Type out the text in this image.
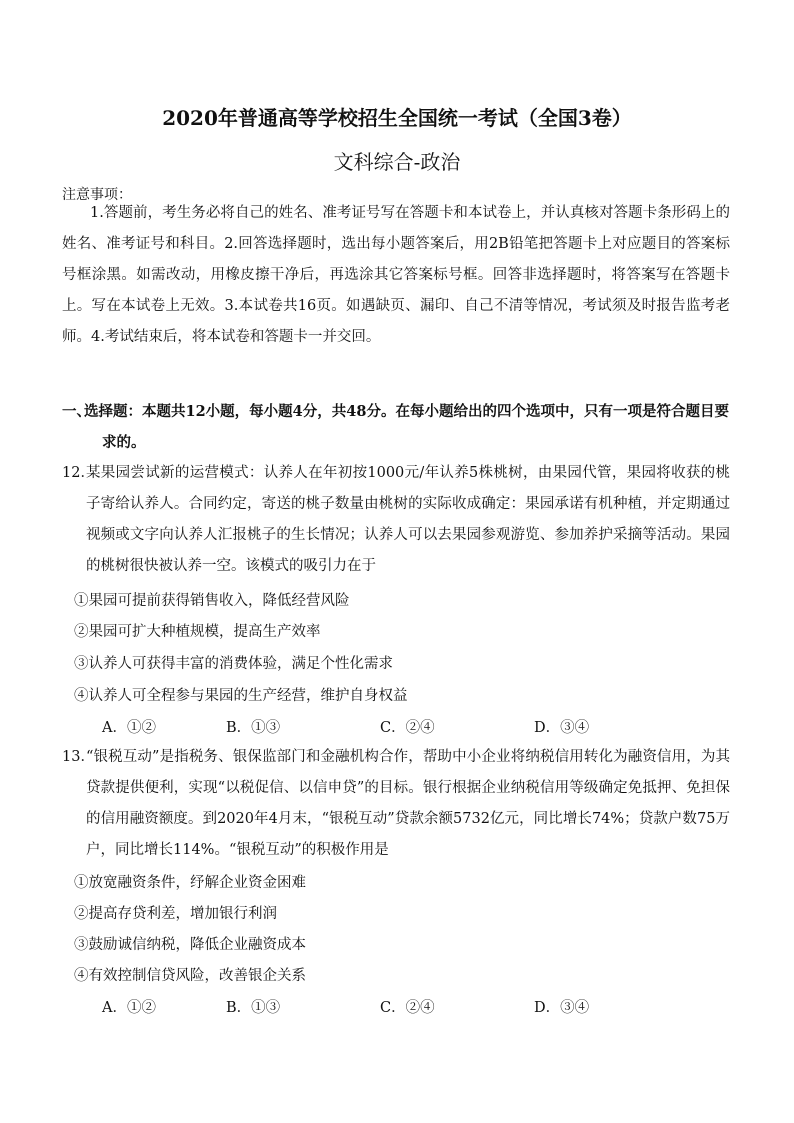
2020年普通高等学校招生全国统一考试（全国3卷）
文科综合-政治
注意事项：
1.答题前，考生务必将自己的姓名、准考证号写在答题卡和本试卷上，并认真核对答题卡条形码上的姓名、准考证号和科目。2.回答选择题时，选出每小题答案后，用2B铅笔把答题卡上对应题目的答案标号框涂黑。如需改动，用橡皮擦干净后，再选涂其它答案标号框。回答非选择题时，将答案写在答题卡上。写在本试卷上无效。3.本试卷共16页。如遇缺页、漏印、自己不清等情况，考试须及时报告监考老师。4.考试结束后，将本试卷和答题卡一并交回。
一、
选择题：本题共12小题，每小题4分，共48分。在每小题给出的四个选项中，只有一项是符合题目要求的。
12．
某果园尝试新的运营模式：认养人在年初按1000元/年认养5株桃树，由果园代管，果园将收获的桃子寄给认养人。合同约定，寄送的桃子数量由桃树的实际收成确定：果园承诺有机种植，并定期通过视频或文字向认养人汇报桃子的生长情况；认养人可以去果园参观游览、参加养护采摘等活动。果园的桃树很快被认养一空。该模式的吸引力在于
①果园可提前获得销售收入，降低经营风险
②果园可扩大种植规模，提高生产效率
③认养人可获得丰富的消费体验，满足个性化需求
④认养人可全程参与果园的生产经营，维护自身权益
A．①②	B．①③	C．②④	D．③④
13．
“银税互动”是指税务、银保监部门和金融机构合作，帮助中小企业将纳税信用转化为融资信用，为其贷款提供便利，实现“以税促信、以信申贷”的目标。银行根据企业纳税信用等级确定免抵押、免担保的信用融资额度。到2020年4月末，“银税互动”贷款余额5732亿元，同比增长74%；贷款户数75万户，同比增长114%。“银税互动”的积极作用是
①放宽融资条件，纾解企业资金困难
②提高存贷利差，增加银行利润
③鼓励诚信纳税，降低企业融资成本
④有效控制信贷风险，改善银企关系
A．①②	B．①③	C．②④	D．③④
